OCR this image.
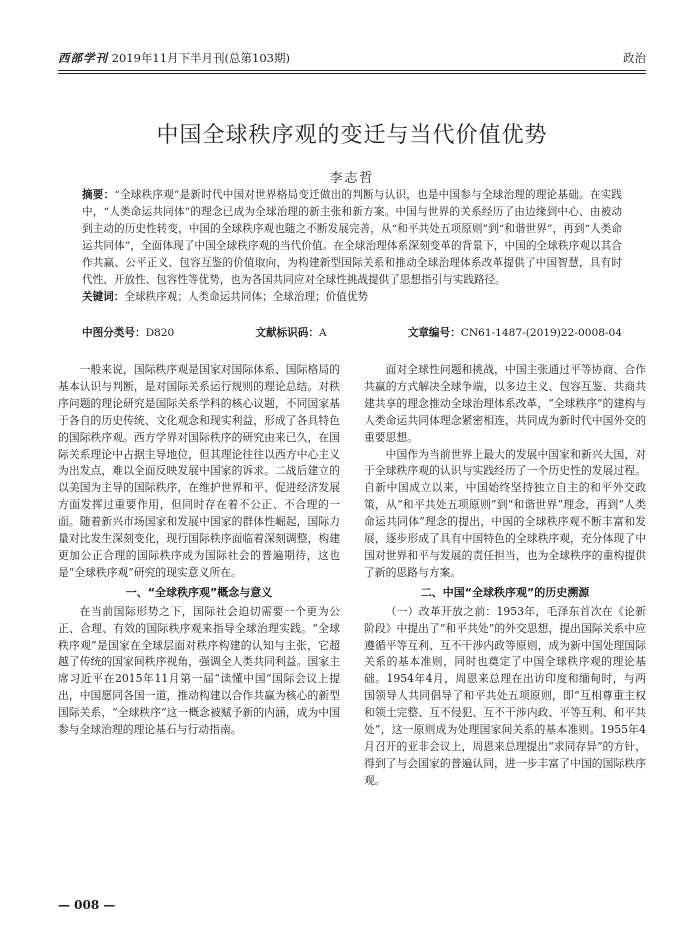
西部学刊 2019年11月下半月刊(总第103期)	政治
中国全球秩序观的变迁与当代价值优势
李志哲
摘要：“全球秩序观”是新时代中国对世界格局变迁做出的判断与认识，也是中国参与全球治理的理论基础。在实践中，“人类命运共同体”的理念已成为全球治理的新主张和新方案。中国与世界的关系经历了由边缘到中心、由被动到主动的历史性转变，中国的全球秩序观也随之不断发展完善，从“和平共处五项原则”到“和谐世界”，再到“人类命运共同体”，全面体现了中国全球秩序观的当代价值。在全球治理体系深刻变革的背景下，中国的全球秩序观以其合作共赢、公平正义、包容互鉴的价值取向，为构建新型国际关系和推动全球治理体系改革提供了中国智慧，具有时代性、开放性、包容性等优势，也为各国共同应对全球性挑战提供了思想指引与实践路径。
关键词：全球秩序观；人类命运共同体；全球治理；价值优势
中图分类号：D820	文献标识码：A	文章编号：CN61-1487-(2019)22-0008-04

一般来说，国际秩序观是国家对国际体系、国际格局的基本认识与判断，是对国际关系运行规则的理论总结。对秩序问题的理论研究是国际关系学科的核心议题，不同国家基于各自的历史传统、文化观念和现实利益，形成了各具特色的国际秩序观。西方学界对国际秩序的研究由来已久，在国际关系理论中占据主导地位，但其理论往往以西方中心主义为出发点，难以全面反映发展中国家的诉求。二战后建立的以美国为主导的国际秩序，在维护世界和平、促进经济发展方面发挥过重要作用，但同时存在着不公正、不合理的一面。随着新兴市场国家和发展中国家的群体性崛起，国际力量对比发生深刻变化，现行国际秩序面临着深刻调整，构建更加公正合理的国际秩序成为国际社会的普遍期待，这也是“全球秩序观”研究的现实意义所在。

一、“全球秩序观”概念与意义

在当前国际形势之下，国际社会迫切需要一个更为公正、合理、有效的国际秩序观来指导全球治理实践。“全球秩序观”是国家在全球层面对秩序构建的认知与主张，它超越了传统的国家间秩序视角，强调全人类共同利益。国家主席习近平在2015年11月第一届“读懂中国”国际会议上提出，中国愿同各国一道，推动构建以合作共赢为核心的新型国际关系，“全球秩序”这一概念被赋予新的内涵，成为中国参与全球治理的理论基石与行动指南。

面对全球性问题和挑战，中国主张通过平等协商、合作共赢的方式解决全球争端，以多边主义、包容互鉴、共商共建共享的理念推动全球治理体系改革，“全球秩序”的建构与人类命运共同体理念紧密相连，共同成为新时代中国外交的重要思想。

中国作为当前世界上最大的发展中国家和新兴大国，对于全球秩序观的认识与实践经历了一个历史性的发展过程。自新中国成立以来，中国始终坚持独立自主的和平外交政策，从“和平共处五项原则”到“和谐世界”理念，再到“人类命运共同体”理念的提出，中国的全球秩序观不断丰富和发展，逐步形成了具有中国特色的全球秩序观，充分体现了中国对世界和平与发展的责任担当，也为全球秩序的重构提供了新的思路与方案。

二、中国“全球秩序观”的历史溯源

（一）改革开放之前：1953年，毛泽东首次在《论新阶段》中提出了“和平共处”的外交思想，提出国际关系中应遵循平等互利、互不干涉内政等原则，成为新中国处理国际关系的基本准则，同时也奠定了中国全球秩序观的理论基础。1954年4月，周恩来总理在出访印度和缅甸时，与两国领导人共同倡导了和平共处五项原则，即“互相尊重主权和领土完整、互不侵犯、互不干涉内政、平等互利、和平共处”，这一原则成为处理国家间关系的基本准则。1955年4月召开的亚非会议上，周恩来总理提出“求同存异”的方针，得到了与会国家的普遍认同，进一步丰富了中国的国际秩序观。

— 008 —
